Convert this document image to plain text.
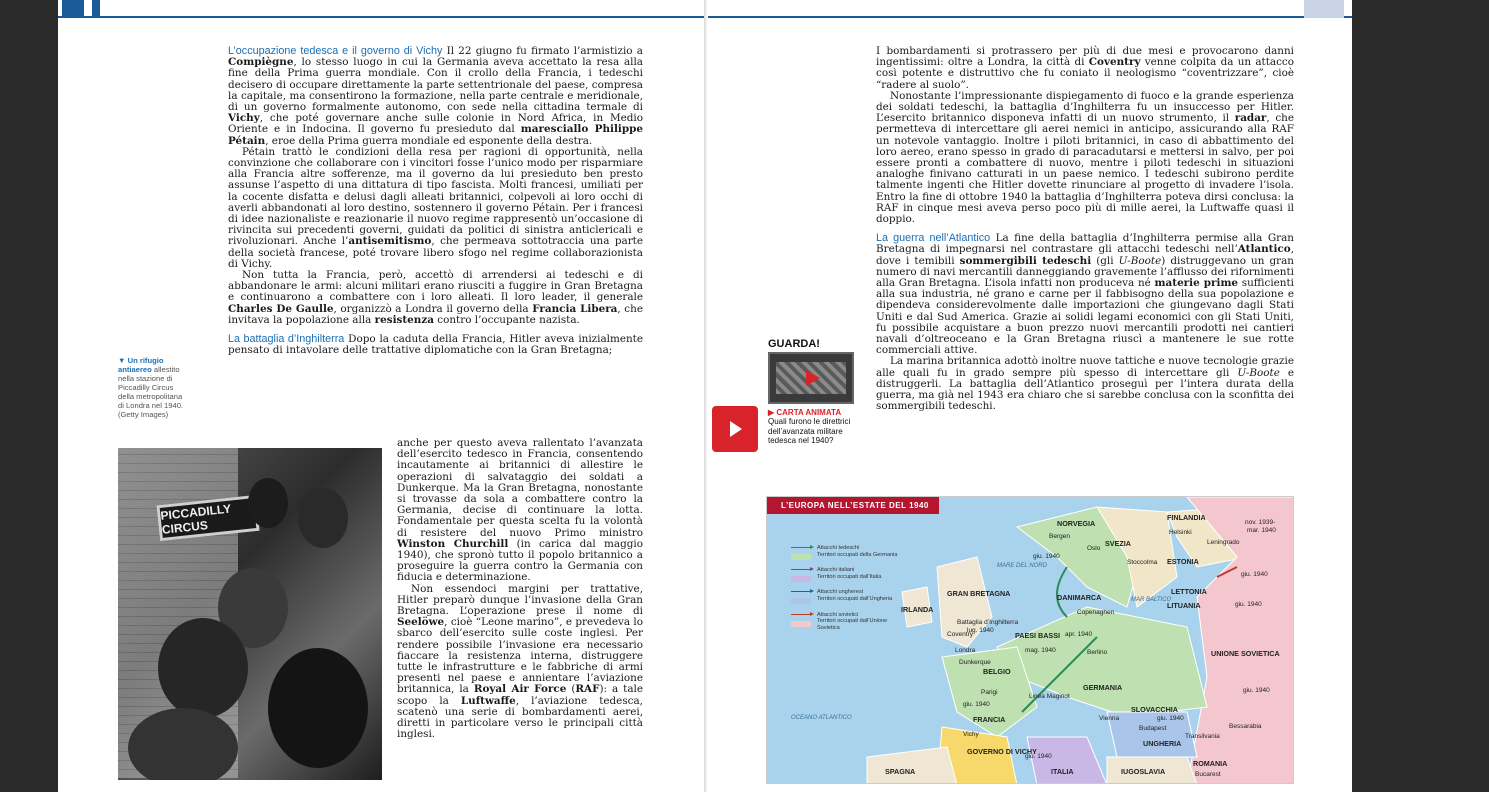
L’occupazione tedesca e il governo di Vichy Il 22 giugno fu firmato l’armistizio a Compiègne, lo stesso luogo in cui la Germania aveva accettato la resa alla fine della Prima guerra mondiale. Con il crollo della Francia, i tedeschi decisero di occupare direttamente la parte settentrionale del paese, compresa la capitale, ma consentirono la formazione, nella parte centrale e meridionale, di un governo formalmente autonomo, con sede nella cittadina termale di Vichy, che poté governare anche sulle colonie in Nord Africa, in Medio Oriente e in Indocina. Il governo fu presieduto dal maresciallo Philippe Pétain, eroe della Prima guerra mondiale ed esponente della destra.

Pétain trattò le condizioni della resa per ragioni di opportunità, nella convinzione che collaborare con i vincitori fosse l’unico modo per risparmiare alla Francia altre sofferenze, ma il governo da lui presieduto ben presto assunse l’aspetto di una dittatura di tipo fascista. Molti francesi, umiliati per la cocente disfatta e delusi dagli alleati britannici, colpevoli ai loro occhi di averli abbandonati al loro destino, sostennero il governo Pétain. Per i francesi di idee nazionaliste e reazionarie il nuovo regime rappresentò un’occasione di rivincita sui precedenti governi, guidati da politici di sinistra anticlericali e rivoluzionari. Anche l’antisemitismo, che permeava sottotraccia una parte della società francese, poté trovare libero sfogo nel regime collaborazionista di Vichy.

Non tutta la Francia, però, accettò di arrendersi ai tedeschi e di abbandonare le armi: alcuni militari erano riusciti a fuggire in Gran Bretagna e continuarono a combattere con i loro alleati. Il loro leader, il generale Charles De Gaulle, organizzò a Londra il governo della Francia Libera, che invitava la popolazione alla resistenza contro l’occupante nazista.

La battaglia d’Inghilterra Dopo la caduta della Francia, Hitler aveva inizialmente pensato di intavolare delle trattative diplomatiche con la Gran Bretagna;

▼ Un rifugio antiaereo allestito nella stazione di Piccadilly Circus della metropolitana di Londra nel 1940. (Getty Images)
PICCADILLY CIRCUS

anche per questo aveva rallentato l’avanzata dell’esercito tedesco in Francia, consentendo incautamente ai britannici di allestire le operazioni di salvataggio dei soldati a Dunkerque. Ma la Gran Bretagna, nonostante si trovasse da sola a combattere contro la Germania, decise di continuare la lotta. Fondamentale per questa scelta fu la volontà di resistere del nuovo Primo ministro Winston Churchill (in carica dal maggio 1940), che spronò tutto il popolo britannico a proseguire la guerra contro la Germania con fiducia e determinazione.

Non essendoci margini per trattative, Hitler preparò dunque l’invasione della Gran Bretagna. L’operazione prese il nome di Seelöwe, cioè “Leone marino”, e prevedeva lo sbarco dell’esercito sulle coste inglesi. Per rendere possibile l’invasione era necessario fiaccare la resistenza interna, distruggere tutte le infrastrutture e le fabbriche di armi presenti nel paese e annientare l’aviazione britannica, la Royal Air Force (RAF): a tale scopo la Luftwaffe, l’aviazione tedesca, scatenò una serie di bombardamenti aerei, diretti in particolare verso le principali città inglesi.

I bombardamenti si protrassero per più di due mesi e provocarono danni ingentissimi: oltre a Londra, la città di Coventry venne colpita da un attacco così potente e distruttivo che fu coniato il neologismo “coventrizzare”, cioè “radere al suolo”.

Nonostante l’impressionante dispiegamento di fuoco e la grande esperienza dei soldati tedeschi, la battaglia d’Inghilterra fu un insuccesso per Hitler. L’esercito britannico disponeva infatti di un nuovo strumento, il radar, che permetteva di intercettare gli aerei nemici in anticipo, assicurando alla RAF un notevole vantaggio. Inoltre i piloti britannici, in caso di abbattimento del loro aereo, erano spesso in grado di paracadutarsi e mettersi in salvo, per poi essere pronti a combattere di nuovo, mentre i piloti tedeschi in situazioni analoghe finivano catturati in un paese nemico. I tedeschi subirono perdite talmente ingenti che Hitler dovette rinunciare al progetto di invadere l’isola. Entro la fine di ottobre 1940 la battaglia d’Inghilterra poteva dirsi conclusa: la RAF in cinque mesi aveva perso poco più di mille aerei, la Luftwaffe quasi il doppio.

La guerra nell’Atlantico La fine della battaglia d’Inghilterra permise alla Gran Bretagna di impegnarsi nel contrastare gli attacchi tedeschi nell’Atlantico, dove i temibili sommergibili tedeschi (gli U-Boote) distruggevano un gran numero di navi mercantili danneggiando gravemente l’afflusso dei rifornimenti alla Gran Bretagna. L’isola infatti non produceva né materie prime sufficienti alla sua industria, né grano e carne per il fabbisogno della sua popolazione e dipendeva considerevolmente dalle importazioni che giungevano dagli Stati Uniti e dal Sud America. Grazie ai solidi legami economici con gli Stati Uniti, fu possibile acquistare a buon prezzo nuovi mercantili prodotti nei cantieri navali d’oltreoceano e la Gran Bretagna riuscì a mantenere le sue rotte commerciali attive.

La marina britannica adottò inoltre nuove tattiche e nuove tecnologie grazie alle quali fu in grado sempre più spesso di intercettare gli U-Boote e distruggerli. La battaglia dell’Atlantico proseguì per l’intera durata della guerra, ma già nel 1943 era chiaro che si sarebbe conclusa con la sconfitta dei sommergibili tedeschi.

GUARDA!
▶ CARTA ANIMATA
Quali furono le direttrici dell’avanzata militare tedesca nel 1940?
L’EUROPA NELL’ESTATE DEL 1940
Attacchi tedeschi

Territori occupati della Germania
Attacchi italiani

Territori occupati dall’Italia
Attacchi ungheresi

Territori occupati dall’Ungheria
Attacchi sovietici

Territori occupati dall’Unione Sovietica
NORVEGIA
SVEZIA
FINLANDIA
Bergen
Oslo
Stoccolma
Helsinki
Leningrado
nov. 1939-
mar. 1940
giu. 1940
ESTONIA
giu. 1940
LETTONIA
LITUANIA	giu. 1940
MARE DEL NORD
GRAN BRETAGNA
IRLANDA
DANIMARCA	MAR BALTICO
Copenaghen
Battaglia d’Inghilterra
lug. 1940
Coventry
Londra
PAESI BASSI apr. 1940
mag. 1940
Dunkerque
BELGIO
Berlino
GERMANIA
UNIONE SOVIETICA
Parigi
giu. 1940
Linea Maginot
FRANCIA
OCEANO ATLANTICO
Vichy
Vienna
Budapest
SLOVACCHIA
giu. 1940
UNGHERIA
Transilvania
Bessarabia
GOVERNO DI VICHY
giu. 1940
ITALIA
SPAGNA	IUGOSLAVIA
ROMANIA
Bucarest
giu. 1940
